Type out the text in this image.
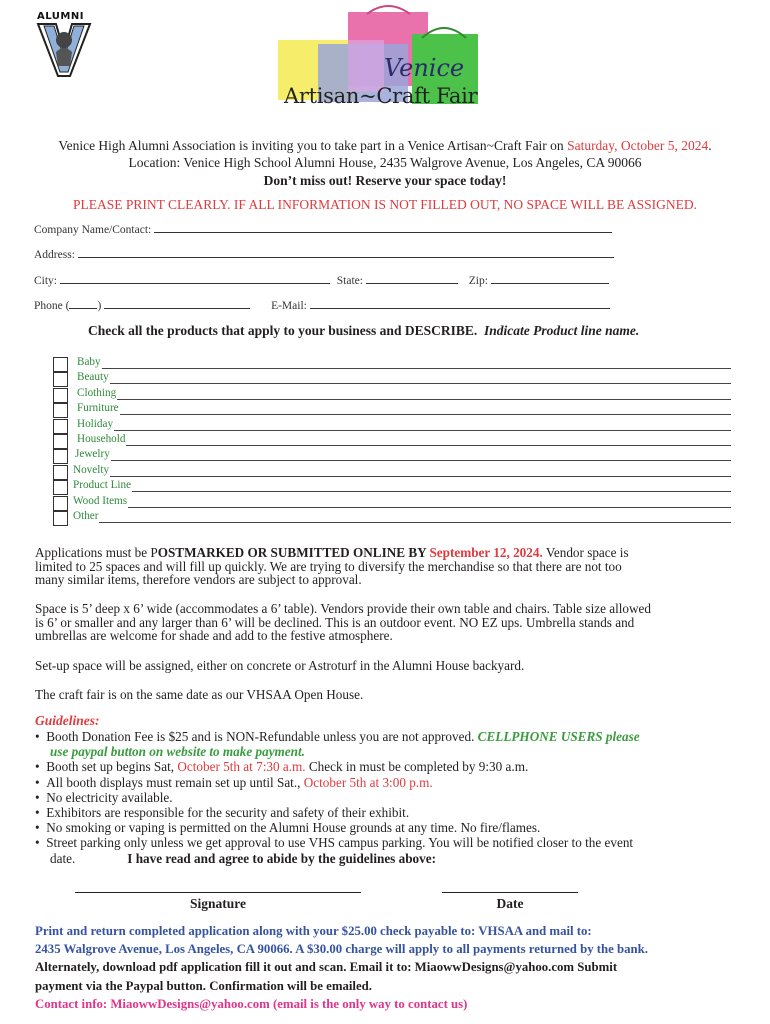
ALUMNI
Venice
Artisan~Craft Fair
Venice High Alumni Association is inviting you to take part in a Venice Artisan~Craft Fair on Saturday, October 5, 2024.
Location: Venice High School Alumni House, 2435 Walgrove Avenue, Los Angeles, CA 90066
Don’t miss out! Reserve your space today!
PLEASE PRINT CLEARLY. IF ALL INFORMATION IS NOT FILLED OUT, NO SPACE WILL BE ASSIGNED.
Company Name/Contact:
Address:
City:	State:	Zip:
Phone ( )	E-Mail:
Check all the products that apply to your business and DESCRIBE. Indicate Product line name.
Baby
Beauty
Clothing
Furniture
Holiday
Household
Jewelry
Novelty
Product Line
Wood Items
Other
Applications must be POSTMARKED OR SUBMITTED ONLINE BY September 12, 2024. Vendor space is
limited to 25 spaces and will fill up quickly. We are trying to diversify the merchandise so that there are not too
many similar items, therefore vendors are subject to approval.
Space is 5’ deep x 6’ wide (accommodates a 6’ table). Vendors provide their own table and chairs. Table size allowed
is 6’ or smaller and any larger than 6’ will be declined. This is an outdoor event. NO EZ ups. Umbrella stands and
umbrellas are welcome for shade and add to the festive atmosphere.
Set-up space will be assigned, either on concrete or Astroturf in the Alumni House backyard.
The craft fair is on the same date as our VHSAA Open House.
Guidelines:
•  Booth Donation Fee is $25 and is NON-Refundable unless you are not approved. CELLPHONE USERS please
use paypal button on website to make payment.
•  Booth set up begins Sat, October 5th at 7:30 a.m. Check in must be completed by 9:30 a.m.
•  All booth displays must remain set up until Sat., October 5th at 3:00 p.m.
•  No electricity available.
•  Exhibitors are responsible for the security and safety of their exhibit.
•  No smoking or vaping is permitted on the Alumni House grounds at any time. No fire/flames.
•  Street parking only unless we get approval to use VHS campus parking. You will be notified closer to the event
date.	I have read and agree to abide by the guidelines above:
Signature	Date
Print and return completed application along with your $25.00 check payable to: VHSAA and mail to:
2435 Walgrove Avenue, Los Angeles, CA 90066. A $30.00 charge will apply to all payments returned by the bank.
Alternately, download pdf application fill it out and scan. Email it to: MiaowwDesigns@yahoo.com Submit
payment via the Paypal button. Confirmation will be emailed.
Contact info: MiaowwDesigns@yahoo.com (email is the only way to contact us)
